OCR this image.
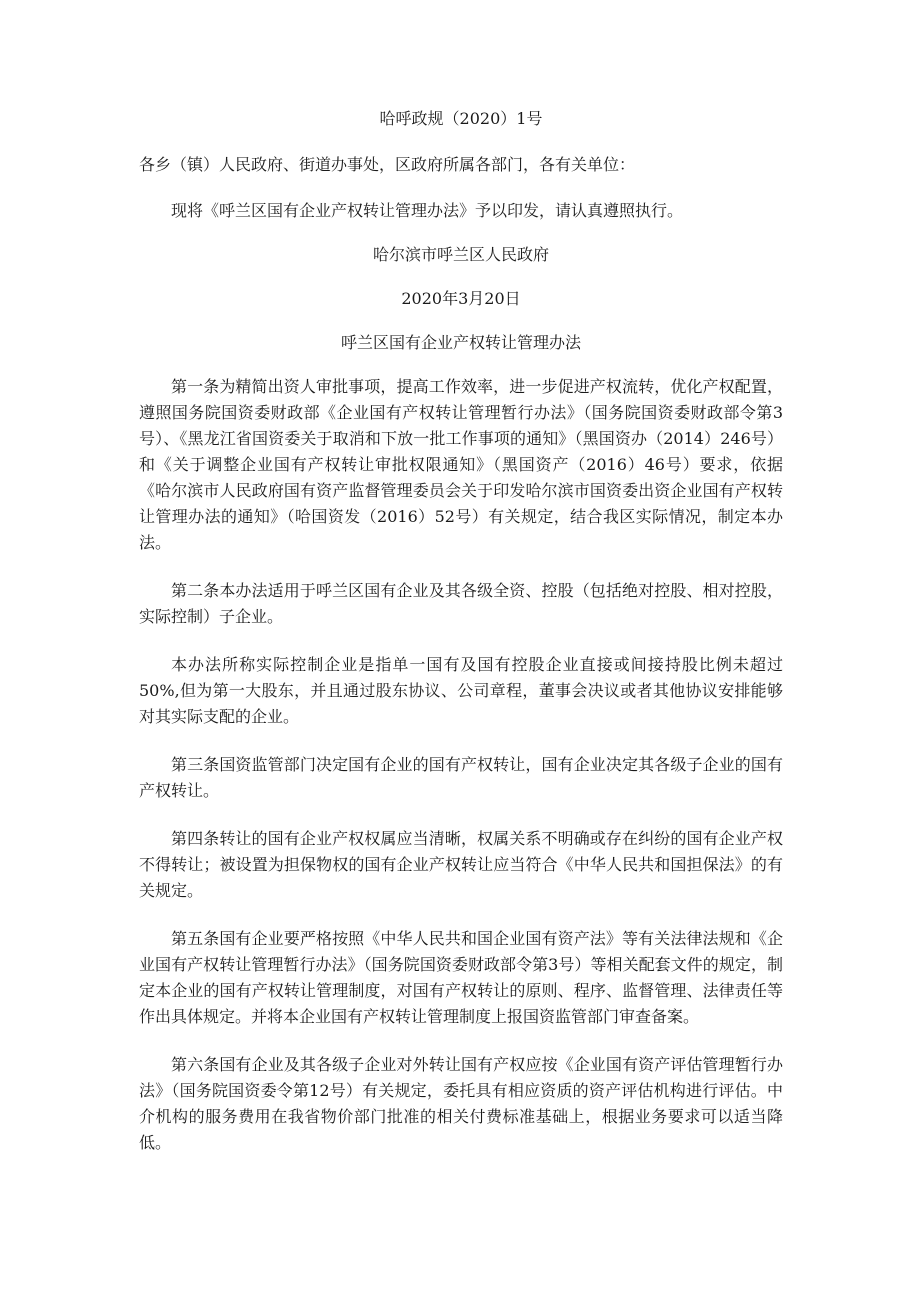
哈呼政规（2020）1号

各乡（镇）人民政府、街道办事处，区政府所属各部门，各有关单位：

现将《呼兰区国有企业产权转让管理办法》予以印发，请认真遵照执行。

哈尔滨市呼兰区人民政府

2020年3月20日

呼兰区国有企业产权转让管理办法

第一条为精简出资人审批事项，提高工作效率，进一步促进产权流转，优化产权配置，遵照国务院国资委财政部《企业国有产权转让管理暂行办法》（国务院国资委财政部令第3号）、《黑龙江省国资委关于取消和下放一批工作事项的通知》（黑国资办（2014）246号）和《关于调整企业国有产权转让审批权限通知》（黑国资产（2016）46号）要求，依据《哈尔滨市人民政府国有资产监督管理委员会关于印发哈尔滨市国资委出资企业国有产权转让管理办法的通知》（哈国资发（2016）52号）有关规定，结合我区实际情况，制定本办法。

第二条本办法适用于呼兰区国有企业及其各级全资、控股（包括绝对控股、相对控股，实际控制）子企业。

本办法所称实际控制企业是指单一国有及国有控股企业直接或间接持股比例未超过50%,但为第一大股东，并且通过股东协议、公司章程，董事会决议或者其他协议安排能够对其实际支配的企业。

第三条国资监管部门决定国有企业的国有产权转让，国有企业决定其各级子企业的国有产权转让。

第四条转让的国有企业产权权属应当清晰，权属关系不明确或存在纠纷的国有企业产权不得转让；被设置为担保物权的国有企业产权转让应当符合《中华人民共和国担保法》的有关规定。

第五条国有企业要严格按照《中华人民共和国企业国有资产法》等有关法律法规和《企业国有产权转让管理暂行办法》（国务院国资委财政部令第3号）等相关配套文件的规定，制定本企业的国有产权转让管理制度，对国有产权转让的原则、程序、监督管理、法律责任等作出具体规定。并将本企业国有产权转让管理制度上报国资监管部门审查备案。

第六条国有企业及其各级子企业对外转让国有产权应按《企业国有资产评估管理暂行办法》（国务院国资委令第12号）有关规定，委托具有相应资质的资产评估机构进行评估。中介机构的服务费用在我省物价部门批准的相关付费标准基础上，根据业务要求可以适当降低。
